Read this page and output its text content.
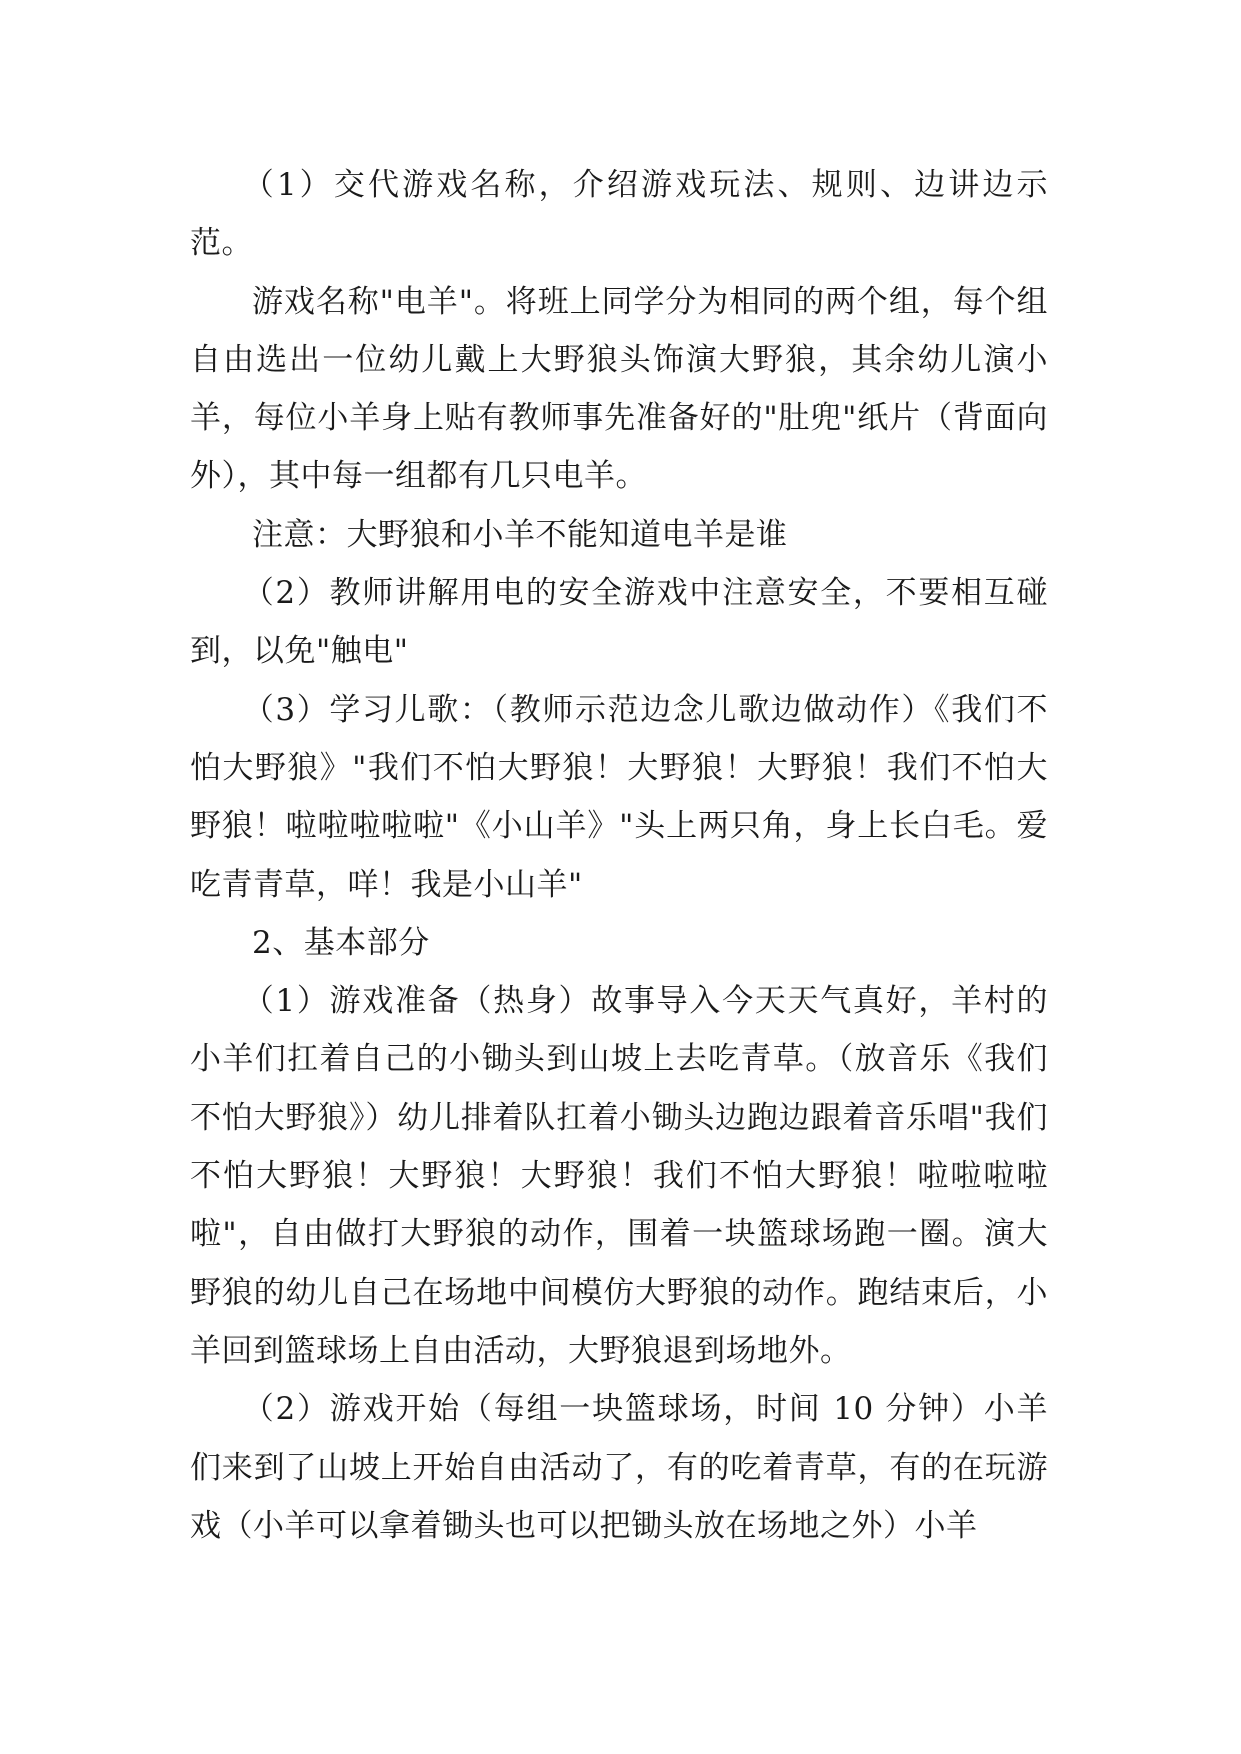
（1）交代游戏名称，介绍游戏玩法、规则、边讲边示范。

游戏名称"电羊"。将班上同学分为相同的两个组，每个组自由选出一位幼儿戴上大野狼头饰演大野狼，其余幼儿演小羊，每位小羊身上贴有教师事先准备好的"肚兜"纸片（背面向外），其中每一组都有几只电羊。

注意：大野狼和小羊不能知道电羊是谁

（2）教师讲解用电的安全游戏中注意安全，不要相互碰到，以免"触电"

（3）学习儿歌：（教师示范边念儿歌边做动作）《我们不怕大野狼》"我们不怕大野狼！大野狼！大野狼！我们不怕大野狼！啦啦啦啦啦"《小山羊》"头上两只角，身上长白毛。爱吃青青草，咩！我是小山羊"

2、基本部分

（1）游戏准备（热身）故事导入今天天气真好，羊村的小羊们扛着自己的小锄头到山坡上去吃青草。（放音乐《我们不怕大野狼》）幼儿排着队扛着小锄头边跑边跟着音乐唱"我们不怕大野狼！大野狼！大野狼！我们不怕大野狼！啦啦啦啦啦"，自由做打大野狼的动作，围着一块篮球场跑一圈。演大野狼的幼儿自己在场地中间模仿大野狼的动作。跑结束后，小羊回到篮球场上自由活动，大野狼退到场地外。

（2）游戏开始（每组一块篮球场，时间 10 分钟）小羊们来到了山坡上开始自由活动了，有的吃着青草，有的在玩游戏（小羊可以拿着锄头也可以把锄头放在场地之外）小羊
